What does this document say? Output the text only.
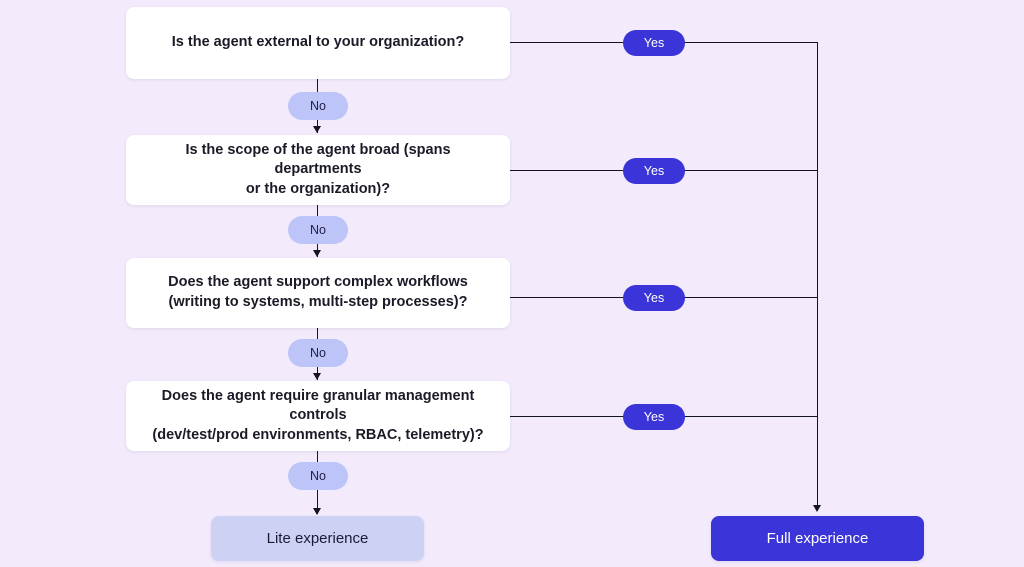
Is the agent external to your organization?
No
Yes
Is the scope of the agent broad (spans departments
or the organization)?
No
Yes
Does the agent support complex workflows
(writing to systems, multi-step processes)?
No
Yes
Does the agent require granular management controls
(dev/test/prod environments, RBAC, telemetry)?
No
Yes
Lite experience	Full experience
